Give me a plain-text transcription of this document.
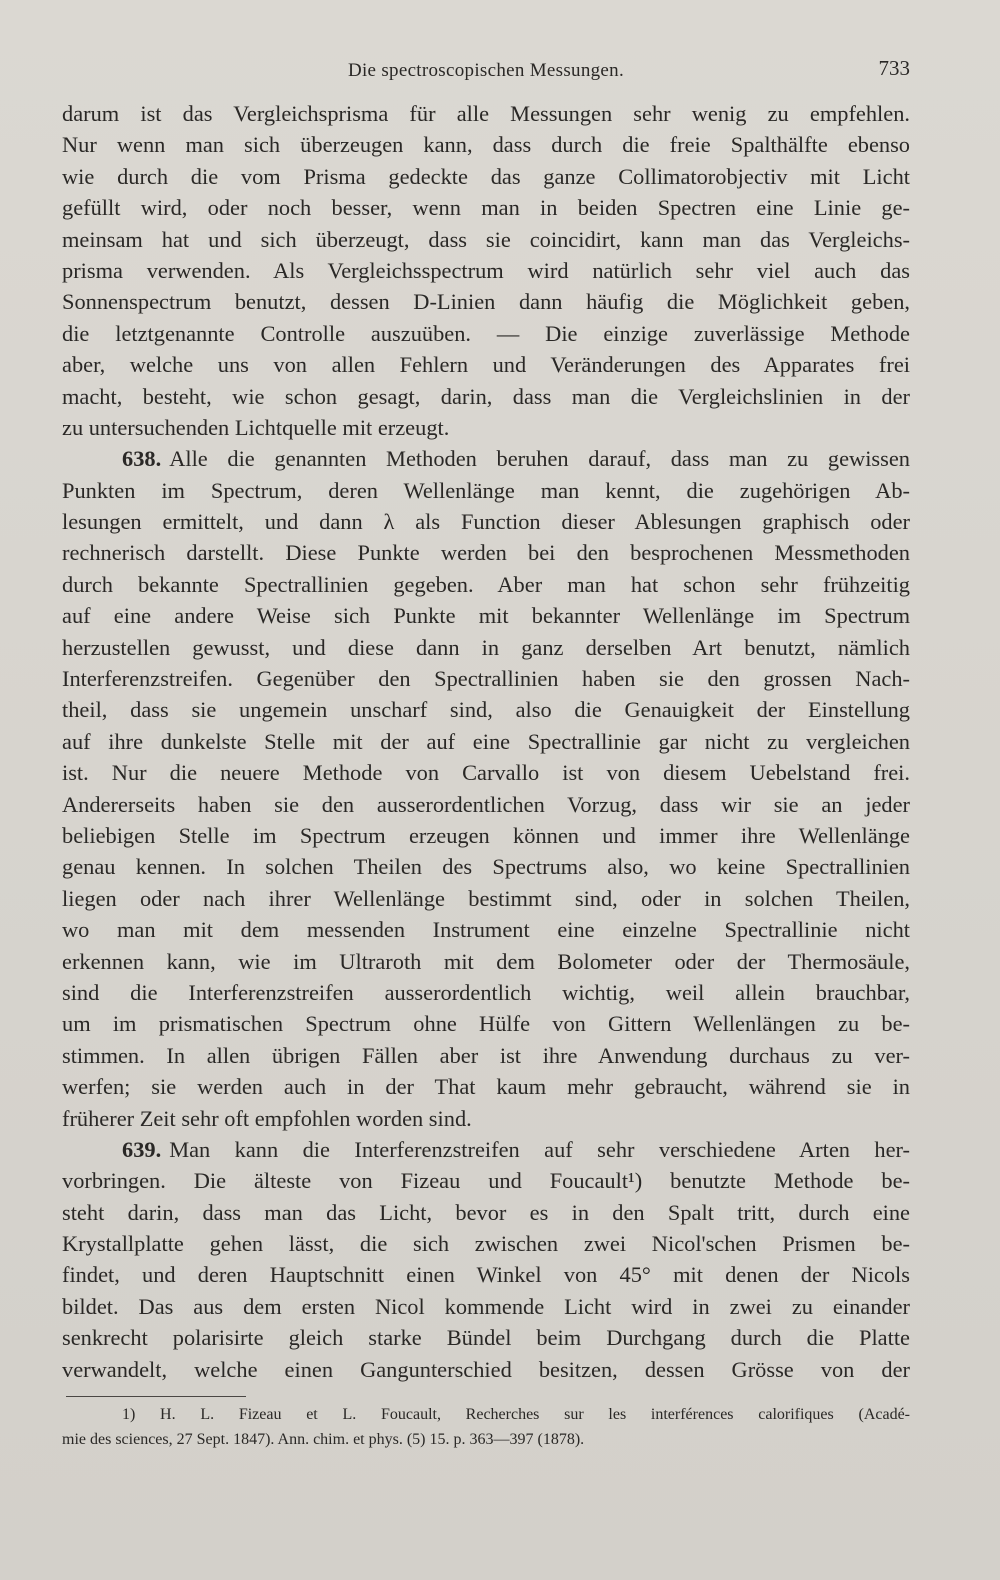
Die spectroscopischen Messungen.	733
darum ist das Vergleichsprisma für alle Messungen sehr wenig zu empfehlen.
Nur wenn man sich überzeugen kann, dass durch die freie Spalthälfte ebenso
wie durch die vom Prisma gedeckte das ganze Collimatorobjectiv mit Licht
gefüllt wird, oder noch besser, wenn man in beiden Spectren eine Linie ge-
meinsam hat und sich überzeugt, dass sie coincidirt, kann man das Vergleichs-
prisma verwenden. Als Vergleichsspectrum wird natürlich sehr viel auch das
Sonnenspectrum benutzt, dessen D-Linien dann häufig die Möglichkeit geben,
die letztgenannte Controlle auszuüben. — Die einzige zuverlässige Methode
aber, welche uns von allen Fehlern und Veränderungen des Apparates frei
macht, besteht, wie schon gesagt, darin, dass man die Vergleichslinien in der
zu untersuchenden Lichtquelle mit erzeugt.
638. Alle die genannten Methoden beruhen darauf, dass man zu gewissen
Punkten im Spectrum, deren Wellenlänge man kennt, die zugehörigen Ab-
lesungen ermittelt, und dann λ als Function dieser Ablesungen graphisch oder
rechnerisch darstellt. Diese Punkte werden bei den besprochenen Messmethoden
durch bekannte Spectrallinien gegeben. Aber man hat schon sehr frühzeitig
auf eine andere Weise sich Punkte mit bekannter Wellenlänge im Spectrum
herzustellen gewusst, und diese dann in ganz derselben Art benutzt, nämlich
Interferenzstreifen. Gegenüber den Spectrallinien haben sie den grossen Nach-
theil, dass sie ungemein unscharf sind, also die Genauigkeit der Einstellung
auf ihre dunkelste Stelle mit der auf eine Spectrallinie gar nicht zu vergleichen
ist. Nur die neuere Methode von Carvallo ist von diesem Uebelstand frei.
Andererseits haben sie den ausserordentlichen Vorzug, dass wir sie an jeder
beliebigen Stelle im Spectrum erzeugen können und immer ihre Wellenlänge
genau kennen. In solchen Theilen des Spectrums also, wo keine Spectrallinien
liegen oder nach ihrer Wellenlänge bestimmt sind, oder in solchen Theilen,
wo man mit dem messenden Instrument eine einzelne Spectrallinie nicht
erkennen kann, wie im Ultraroth mit dem Bolometer oder der Thermosäule,
sind die Interferenzstreifen ausserordentlich wichtig, weil allein brauchbar,
um im prismatischen Spectrum ohne Hülfe von Gittern Wellenlängen zu be-
stimmen. In allen übrigen Fällen aber ist ihre Anwendung durchaus zu ver-
werfen; sie werden auch in der That kaum mehr gebraucht, während sie in
früherer Zeit sehr oft empfohlen worden sind.
639. Man kann die Interferenzstreifen auf sehr verschiedene Arten her-
vorbringen. Die älteste von Fizeau und Foucault¹) benutzte Methode be-
steht darin, dass man das Licht, bevor es in den Spalt tritt, durch eine
Krystallplatte gehen lässt, die sich zwischen zwei Nicol'schen Prismen be-
findet, und deren Hauptschnitt einen Winkel von 45° mit denen der Nicols
bildet. Das aus dem ersten Nicol kommende Licht wird in zwei zu einander
senkrecht polarisirte gleich starke Bündel beim Durchgang durch die Platte
verwandelt, welche einen Gangunterschied besitzen, dessen Grösse von der
1) H. L. Fizeau et L. Foucault, Recherches sur les interférences calorifiques (Acadé-
mie des sciences, 27 Sept. 1847). Ann. chim. et phys. (5) 15. p. 363—397 (1878).
